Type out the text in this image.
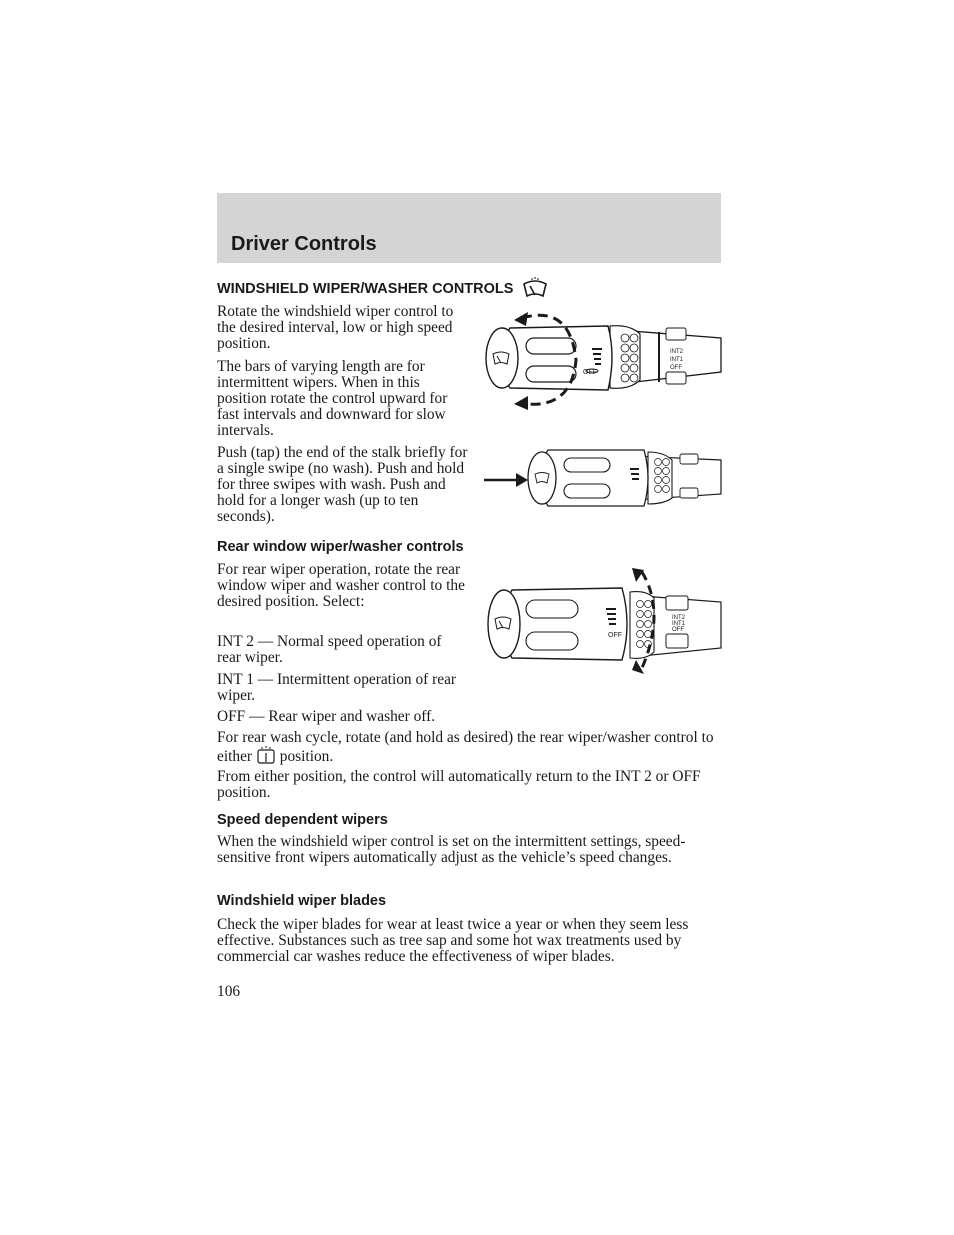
Driver Controls
WINDSHIELD WIPER/WASHER CONTROLS

Rotate the windshield wiper control to the desired interval, low or high speed position.

The bars of varying length are for intermittent wipers. When in this position rotate the control upward for fast intervals and downward for slow intervals.

Push (tap) the end of the stalk briefly for a single swipe (no wash). Push and hold for three swipes with wash. Push and hold for a longer wash (up to ten seconds).

INT2
INT1
OFF
OFF
Rear window wiper/washer controls

For rear wiper operation, rotate the rear window wiper and washer control to the desired position. Select:

INT 2 — Normal speed operation of rear wiper.

INT 1 — Intermittent operation of rear wiper.

OFF — Rear wiper and washer off.

INT2
INT1
OFF
OFF

For rear wash cycle, rotate (and hold as desired) the rear wiper/washer control to either position.

From either position, the control will automatically return to the INT 2 or OFF position.

Speed dependent wipers

When the windshield wiper control is set on the intermittent settings, speed-sensitive front wipers automatically adjust as the vehicle’s speed changes.

Windshield wiper blades

Check the wiper blades for wear at least twice a year or when they seem less effective. Substances such as tree sap and some hot wax treatments used by commercial car washes reduce the effectiveness of wiper blades.

106
